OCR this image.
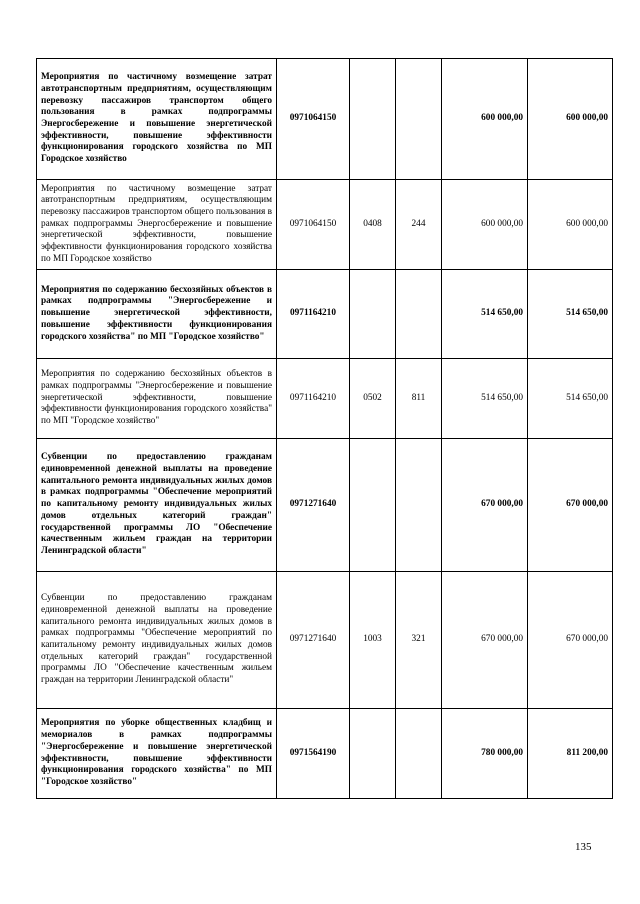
Мероприятия по частичному возмещение затрат автотранспортным предприятиям, осуществляющим перевозку пассажиров транспортом общего пользования в рамках подпрограммы Энергосбережение и повышение энергетической эффективности, повышение эффективности функционирования городского хозяйства по МП Городское хозяйство	0971064150			600 000,00	600 000,00
Мероприятия по частичному возмещение затрат автотранспортным предприятиям, осуществляющим перевозку пассажиров транспортом общего пользования в рамках подпрограммы Энергосбережение и повышение энергетической эффективности, повышение эффективности функционирования городского хозяйства по МП Городское хозяйство	0971064150	0408	244	600 000,00	600 000,00
Мероприятия по содержанию бесхозяйных объектов в рамках подпрограммы "Энергосбережение и повышение энергетической эффективности, повышение эффективности функционирования городского хозяйства" по МП "Городское хозяйство"	0971164210			514 650,00	514 650,00
Мероприятия по содержанию бесхозяйных объектов в рамках подпрограммы "Энергосбережение и повышение энергетической эффективности, повышение эффективности функционирования городского хозяйства" по МП "Городское хозяйство"	0971164210	0502	811	514 650,00	514 650,00
Субвенции по предоставлению гражданам единовременной денежной выплаты на проведение капитального ремонта индивидуальных жилых домов в рамках подпрограммы "Обеспечение мероприятий по капитальному ремонту индивидуальных жилых домов отдельных категорий граждан" государственной программы ЛО "Обеспечение качественным жильем граждан на территории Ленинградской области"	0971271640			670 000,00	670 000,00
Субвенции по предоставлению гражданам единовременной денежной выплаты на проведение капитального ремонта индивидуальных жилых домов в рамках подпрограммы "Обеспечение мероприятий по капитальному ремонту индивидуальных жилых домов отдельных категорий граждан" государственной программы ЛО "Обеспечение качественным жильем граждан на территории Ленинградской области"	0971271640	1003	321	670 000,00	670 000,00
Мероприятия по уборке общественных кладбищ и мемориалов в рамках подпрограммы "Энергосбережение и повышение энергетической эффективности, повышение эффективности функционирования городского хозяйства" по МП "Городское хозяйство"	0971564190			780 000,00	811 200,00
135
